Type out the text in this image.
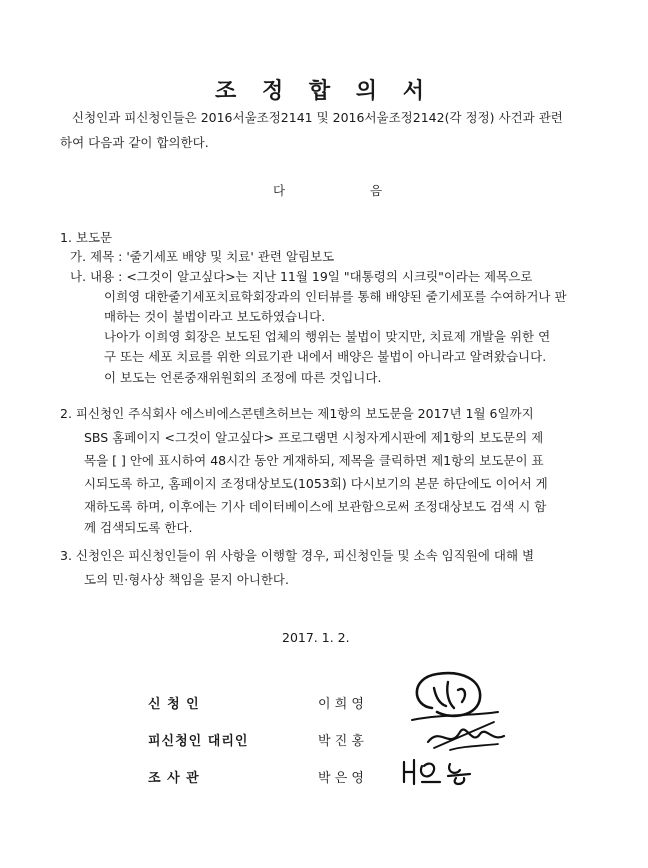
조 정 합 의 서
신청인과 피신청인들은 2016서울조정2141 및 2016서울조정2142(각 정정) 사건과 관련
하여 다음과 같이 합의한다.
다	음
1. 보도문
가. 제목 : '줄기세포 배양 및 치료' 관련 알림보도
나. 내용 : <그것이 알고싶다>는 지난 11월 19일 "대통령의 시크릿"이라는 제목으로
이희영 대한줄기세포치료학회장과의 인터뷰를 통해 배양된 줄기세포를 수여하거나 판
매하는 것이 불법이라고 보도하였습니다.
나아가 이희영 회장은 보도된 업체의 행위는 불법이 맞지만, 치료제 개발을 위한 연
구 또는 세포 치료를 위한 의료기관 내에서 배양은 불법이 아니라고 알려왔습니다.
이 보도는 언론중재위원회의 조정에 따른 것입니다.
2. 피신청인 주식회사 에스비에스콘텐츠허브는 제1항의 보도문을 2017년 1월 6일까지
SBS 홈페이지 <그것이 알고싶다> 프로그램면 시청자게시판에 제1항의 보도문의 제
목을 [ ] 안에 표시하여 48시간 동안 게재하되, 제목을 클릭하면 제1항의 보도문이 표
시되도록 하고, 홈페이지 조정대상보도(1053회) 다시보기의 본문 하단에도 이어서 게
재하도록 하며, 이후에는 기사 데이터베이스에 보관함으로써 조정대상보도 검색 시 함
께 검색되도록 한다.
3. 신청인은 피신청인들이 위 사항을 이행할 경우, 피신청인들 및 소속 임직원에 대해 별
도의 민·형사상 책임을 묻지 아니한다.
2017. 1. 2.
신 청 인	이 희 영
피신청인 대리인	박 진 홍
조 사 관	박 은 영
